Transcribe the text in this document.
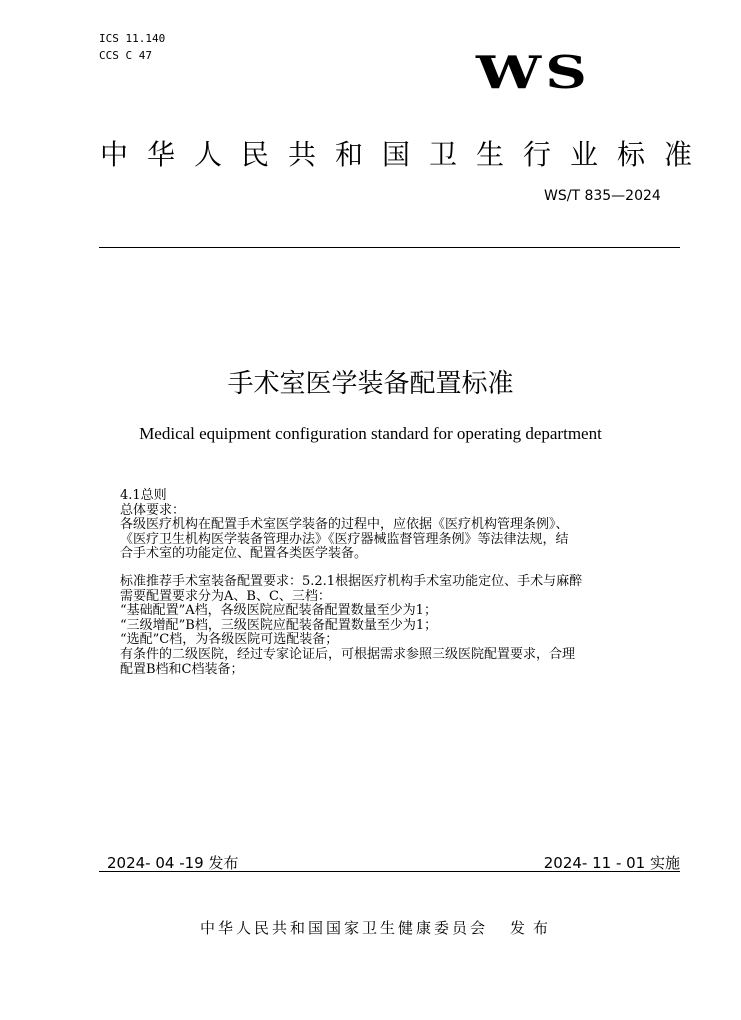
ICS 11.140
CCS C 47	WS
中华人民共和国卫生行业标准
WS/T 835—2024
手术室医学装备配置标准
Medical equipment configuration standard for operating department

4.1总则

总体要求：

各级医疗机构在配置手术室医学装备的过程中，应依据《医疗机构管理条例》、

《医疗卫生机构医学装备管理办法》《医疗器械监督管理条例》等法律法规，结

合手术室的功能定位、配置各类医学装备。

标准推荐手术室装备配置要求：5.2.1根据医疗机构手术室功能定位、手术与麻醉

需要配置要求分为A、B、C、三档：

“基础配置”A档，各级医院应配装备配置数量至少为1；

“三级增配”B档，三级医院应配装备配置数量至少为1；

“选配”C档，为各级医院可选配装备；

有条件的二级医院，经过专家论证后，可根据需求参照三级医院配置要求，合理

配置B档和C档装备；

2024- 04 -19 发布	2024- 11 - 01 实施
中华人民共和国国家卫生健康委员会 发布
